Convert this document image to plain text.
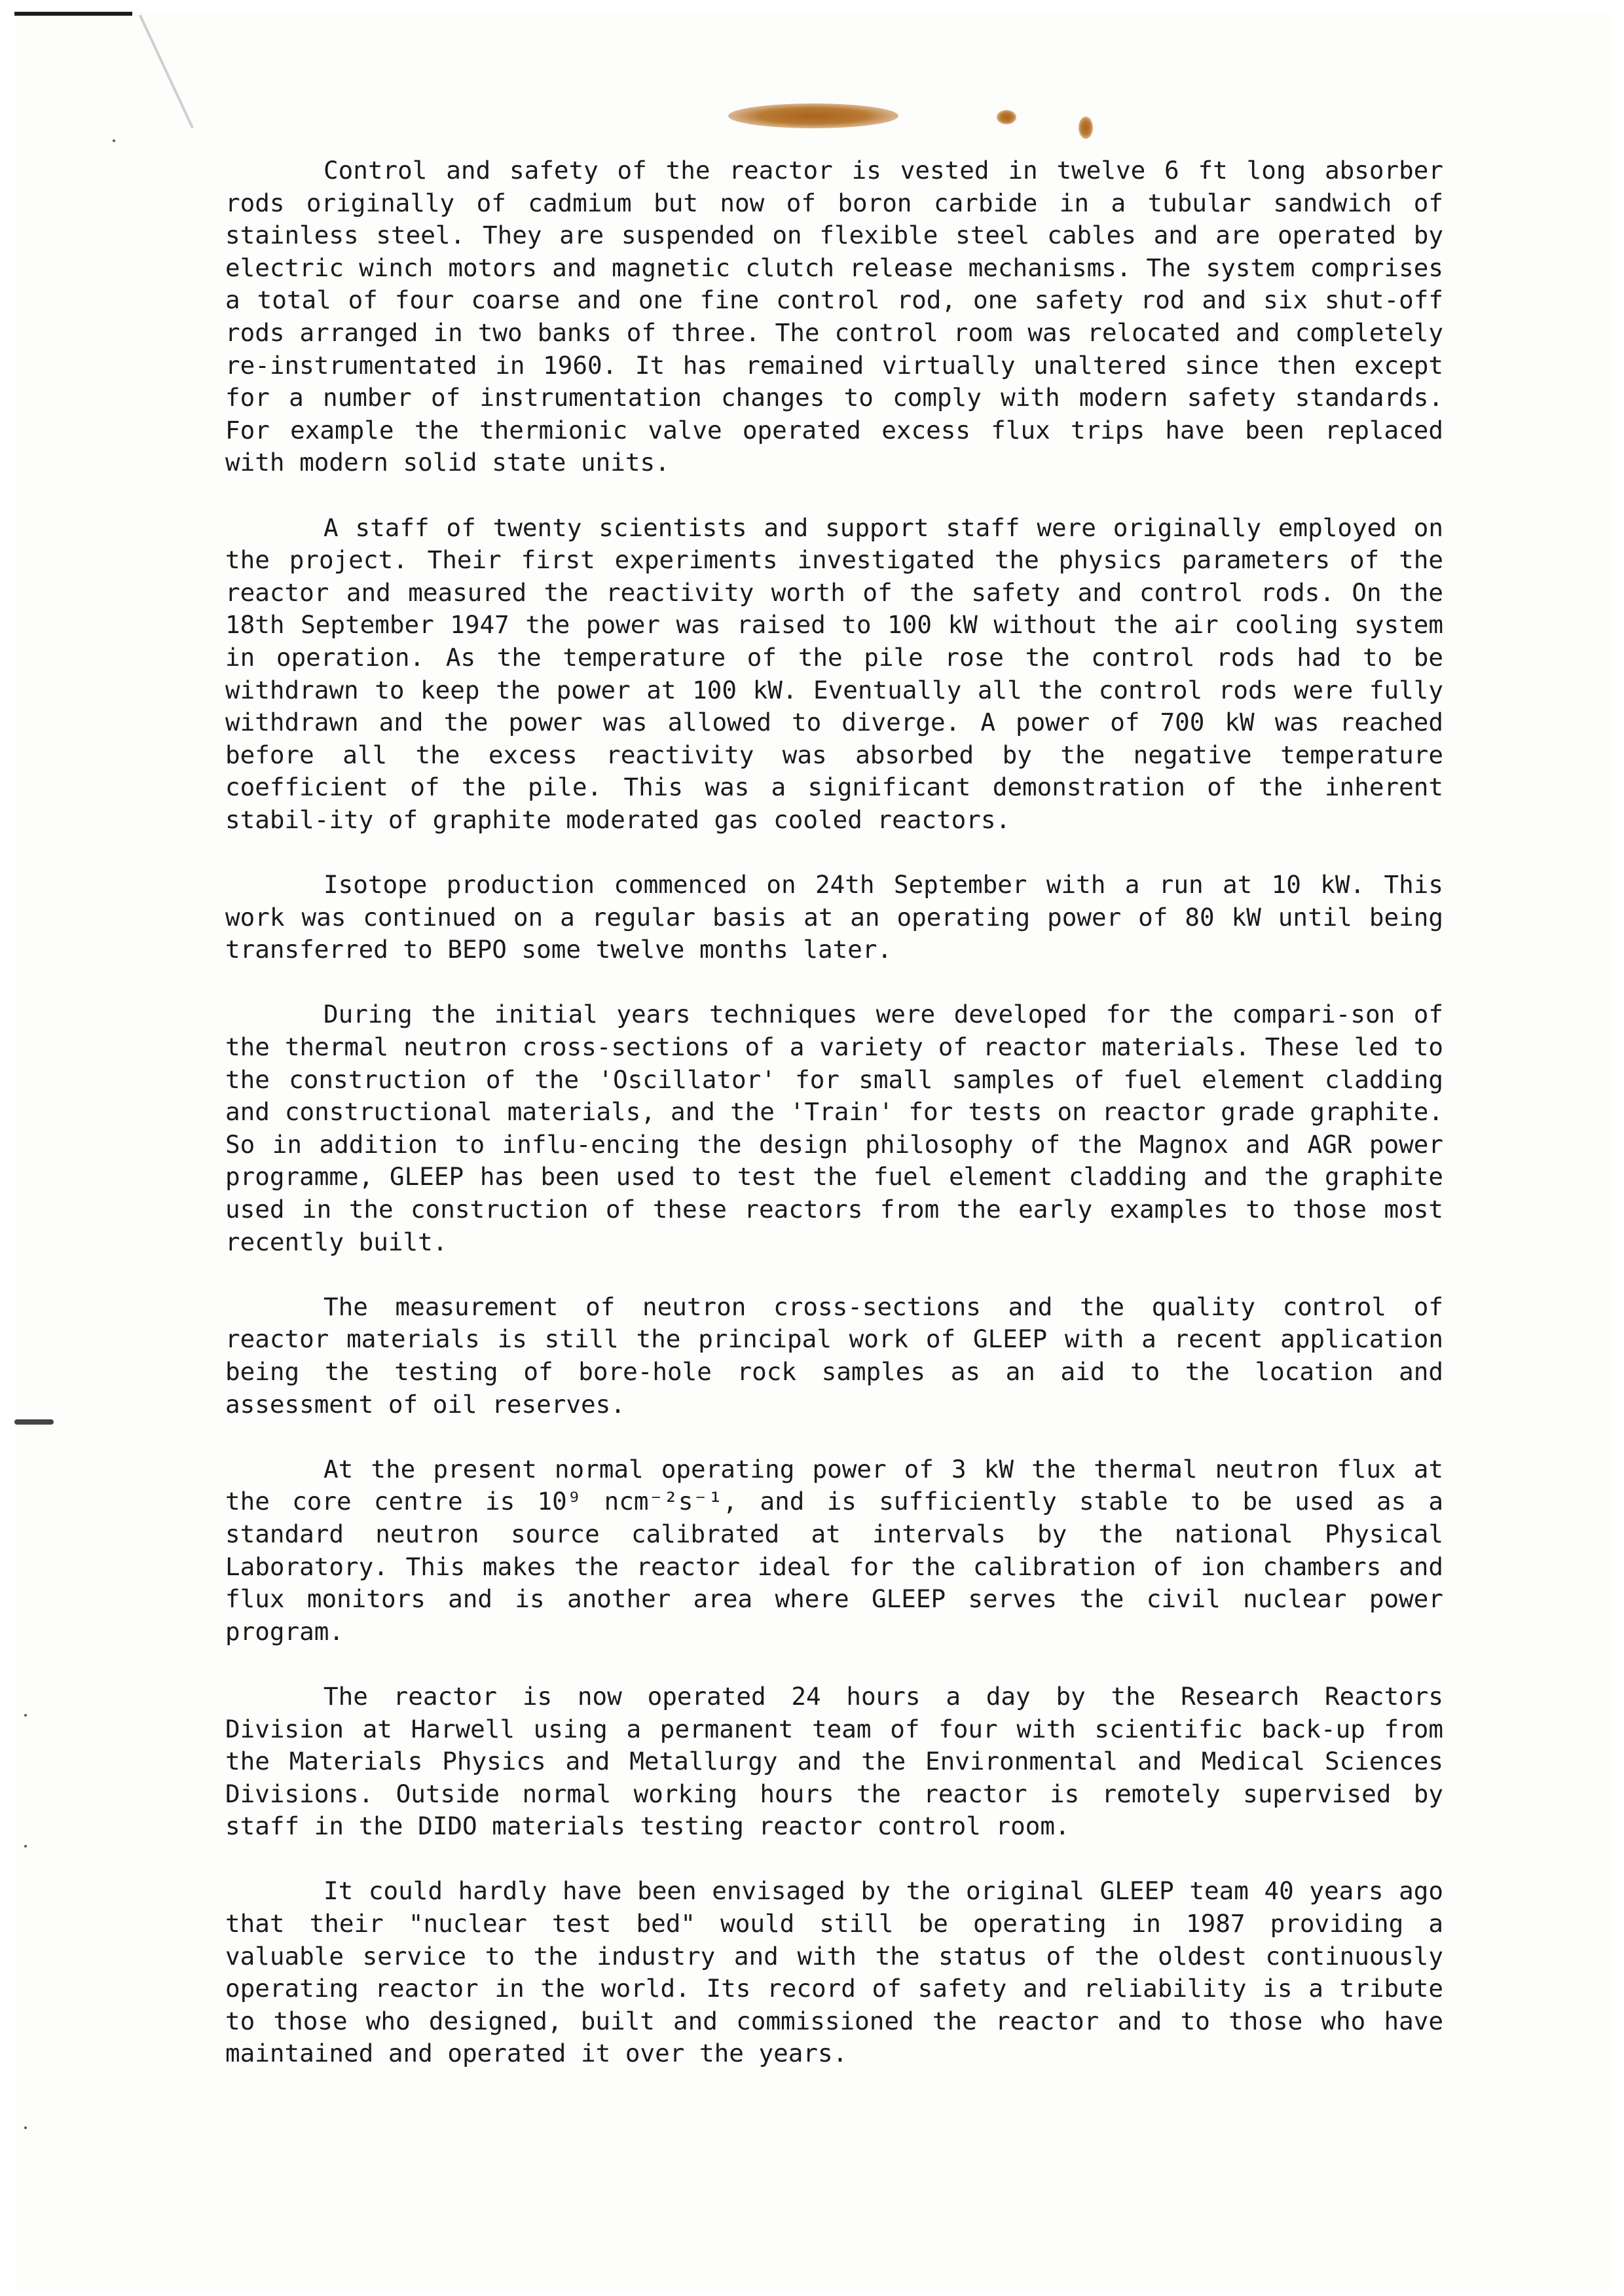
Control and safety of the reactor is vested in twelve 6 ft long absorber rods originally of cadmium but now of boron carbide in a tubular sandwich of stainless steel. They are suspended on flexible steel cables and are operated by electric winch motors and magnetic clutch release mechanisms. The system comprises a total of four coarse and one fine control rod, one safety rod and six shut-off rods arranged in two banks of three. The control room was relocated and completely re-instrumentated in 1960. It has remained virtually unaltered since then except for a number of instrumentation changes to comply with modern safety standards. For example the thermionic valve operated excess flux trips have been replaced with modern solid state units.

A staff of twenty scientists and support staff were originally employed on the project. Their first experiments investigated the physics parameters of the reactor and measured the reactivity worth of the safety and control rods. On the 18th September 1947 the power was raised to 100 kW without the air cooling system in operation. As the temperature of the pile rose the control rods had to be withdrawn to keep the power at 100 kW. Eventually all the control rods were fully withdrawn and the power was allowed to diverge. A power of 700 kW was reached before all the excess reactivity was absorbed by the negative temperature coefficient of the pile. This was a significant demonstration of the inherent stabil-ity of graphite moderated gas cooled reactors.

Isotope production commenced on 24th September with a run at 10 kW. This work was continued on a regular basis at an operating power of 80 kW until being transferred to BEPO some twelve months later.

During the initial years techniques were developed for the compari-son of the thermal neutron cross-sections of a variety of reactor materials. These led to the construction of the 'Oscillator' for small samples of fuel element cladding and constructional materials, and the 'Train' for tests on reactor grade graphite. So in addition to influ-encing the design philosophy of the Magnox and AGR power programme, GLEEP has been used to test the fuel element cladding and the graphite used in the construction of these reactors from the early examples to those most recently built.

The measurement of neutron cross-sections and the quality control of reactor materials is still the principal work of GLEEP with a recent application being the testing of bore-hole rock samples as an aid to the location and assessment of oil reserves.

At the present normal operating power of 3 kW the thermal neutron flux at the core centre is 10⁹ ncm⁻²s⁻¹, and is sufficiently stable to be used as a standard neutron source calibrated at intervals by the national Physical Laboratory. This makes the reactor ideal for the calibration of ion chambers and flux monitors and is another area where GLEEP serves the civil nuclear power program.

The reactor is now operated 24 hours a day by the Research Reactors Division at Harwell using a permanent team of four with scientific back-up from the Materials Physics and Metallurgy and the Environmental and Medical Sciences Divisions. Outside normal working hours the reactor is remotely supervised by staff in the DIDO materials testing reactor control room.

It could hardly have been envisaged by the original GLEEP team 40 years ago that their "nuclear test bed" would still be operating in 1987 providing a valuable service to the industry and with the status of the oldest continuously operating reactor in the world. Its record of safety and reliability is a tribute to those who designed, built and commissioned the reactor and to those who have maintained and operated it over the years.
